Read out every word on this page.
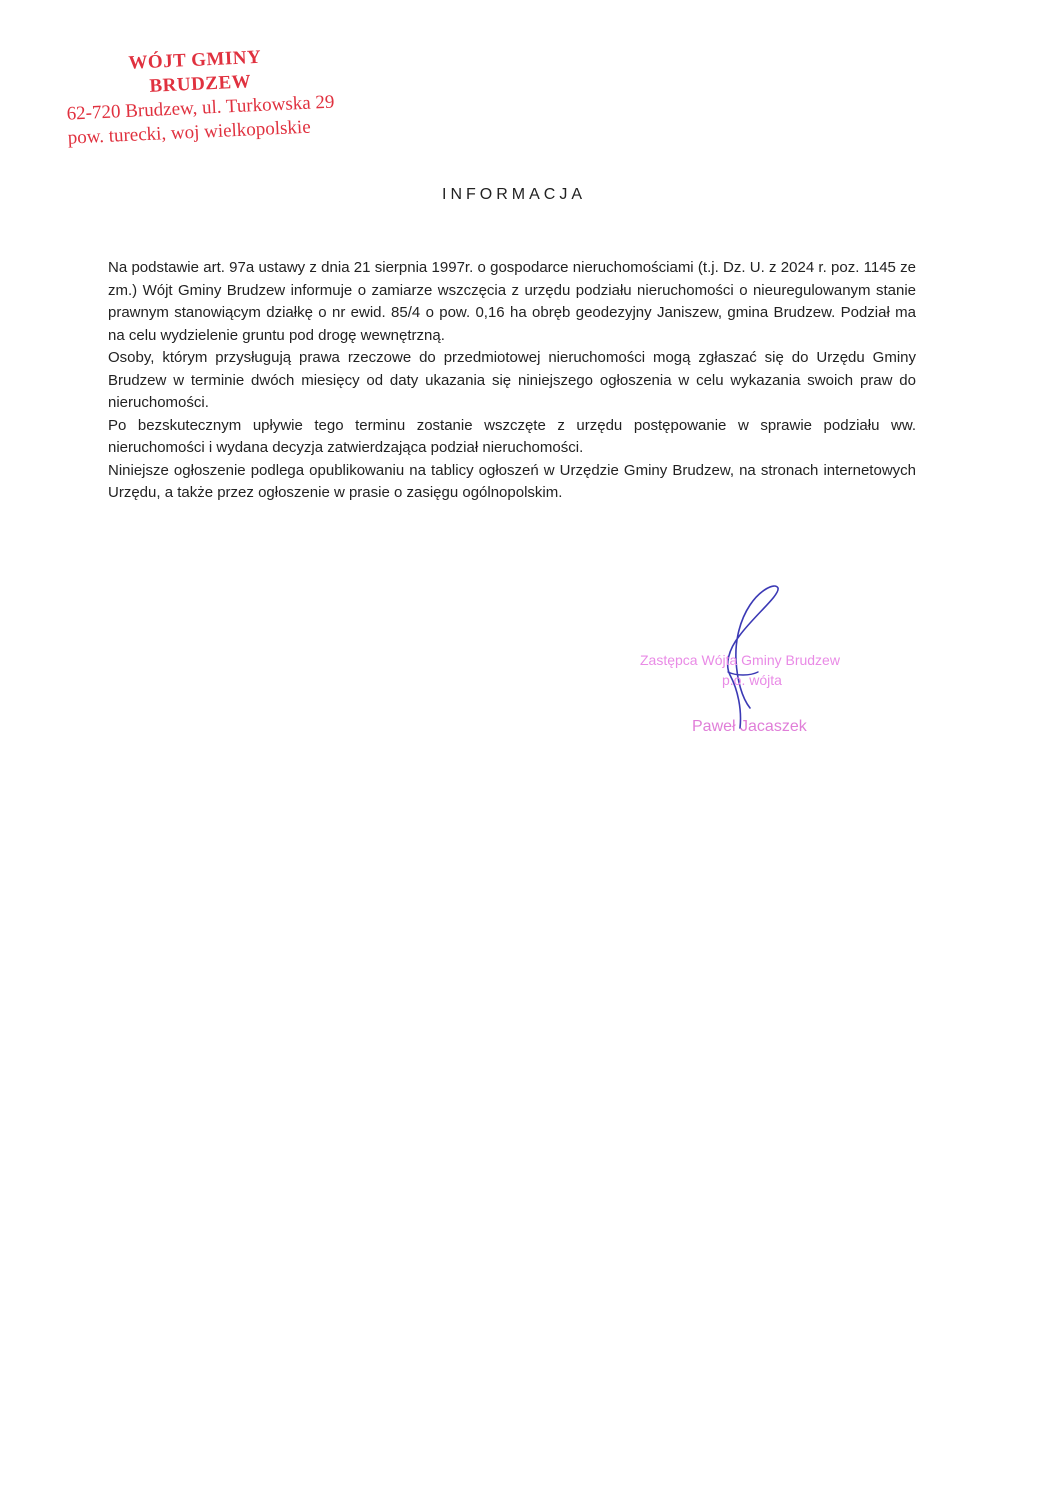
WÓJT GMINY
BRUDZEW
62-720 Brudzew, ul. Turkowska 29
pow. turecki, woj wielkopolskie
INFORMACJA

Na podstawie art. 97a ustawy z dnia 21 sierpnia 1997r. o gospodarce nieruchomościami (t.j. Dz. U. z 2024 r. poz. 1145 ze zm.) Wójt Gminy Brudzew informuje o zamiarze wszczęcia z urzędu podziału nieruchomości o nieuregulowanym stanie prawnym stanowiącym działkę o nr ewid. 85/4 o pow. 0,16 ha obręb geodezyjny Janiszew, gmina Brudzew. Podział ma na celu wydzielenie gruntu pod drogę wewnętrzną.

Osoby, którym przysługują prawa rzeczowe do przedmiotowej nieruchomości mogą zgłaszać się do Urzędu Gminy Brudzew w terminie dwóch miesięcy od daty ukazania się niniejszego ogłoszenia w celu wykazania swoich praw do nieruchomości.

Po bezskutecznym upływie tego terminu zostanie wszczęte z urzędu postępowanie w sprawie podziału ww. nieruchomości i wydana decyzja zatwierdzająca podział nieruchomości.

Niniejsze ogłoszenie podlega opublikowaniu na tablicy ogłoszeń w Urzędzie Gminy Brudzew, na stronach internetowych Urzędu, a także przez ogłoszenie w prasie o zasięgu ogólnopolskim.

Zastępca Wójta Gminy Brudzew
p.o. wójta
Paweł Jacaszek
